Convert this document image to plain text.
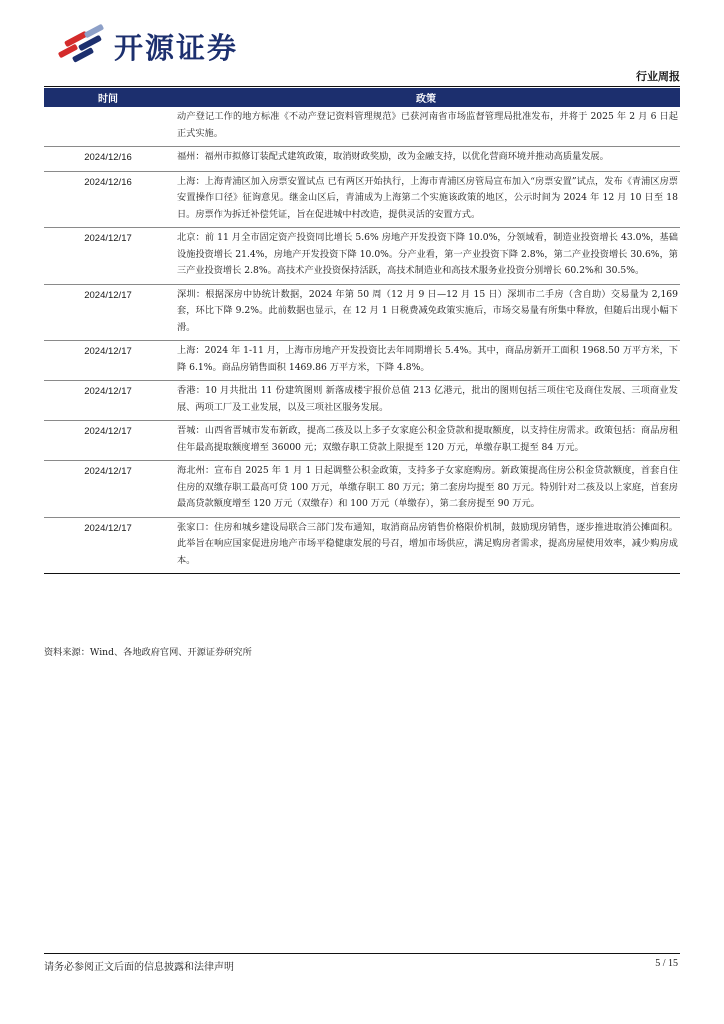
开源证券
行业周报
时间	政策
	动产登记工作的地方标准《不动产登记资料管理规范》已获河南省市场监督管理局批准发布，并将于 2025 年 2 月 6 日起正式实施。
2024/12/16	福州：福州市拟修订装配式建筑政策，取消财政奖励，改为金融支持，以优化营商环境并推动高质量发展。
2024/12/16	上海：上海青浦区加入房票安置试点 已有两区开始执行，上海市青浦区房管局宣布加入“房票安置”试点，发布《青浦区房票安置操作口径》征询意见。继金山区后，青浦成为上海第二个实施该政策的地区，公示时间为 2024 年 12 月 10 日至 18 日。房票作为拆迁补偿凭证，旨在促进城中村改造，提供灵活的安置方式。
2024/12/17	北京：前 11 月全市固定资产投资同比增长 5.6% 房地产开发投资下降 10.0%，分领域看，制造业投资增长 43.0%，基础设施投资增长 21.4%，房地产开发投资下降 10.0%。分产业看，第一产业投资下降 2.8%，第二产业投资增长 30.6%，第三产业投资增长 2.8%。高技术产业投资保持活跃，高技术制造业和高技术服务业投资分别增长 60.2%和 30.5%。
2024/12/17	深圳：根据深房中协统计数据，2024 年第 50 周（12 月 9 日—12 月 15 日）深圳市二手房（含自助）交易量为 2,169 套，环比下降 9.2%。此前数据也显示，在 12 月 1 日税费减免政策实施后，市场交易量有所集中释放，但随后出现小幅下滑。
2024/12/17	上海：2024 年 1-11 月，上海市房地产开发投资比去年同期增长 5.4%。其中，商品房新开工面积 1968.50 万平方米，下降 6.1%。商品房销售面积 1469.86 万平方米，下降 4.8%。
2024/12/17	香港：10 月共批出 11 份建筑图则 新落成楼宇报价总值 213 亿港元，批出的图则包括三项住宅及商住发展、三项商业发展、两项工厂及工业发展，以及三项社区服务发展。
2024/12/17	晋城：山西省晋城市发布新政，提高二孩及以上多子女家庭公积金贷款和提取额度，以支持住房需求。政策包括：商品房租住年最高提取额度增至 36000 元；双缴存职工贷款上限提至 120 万元，单缴存职工提至 84 万元。
2024/12/17	海北州：宣布自 2025 年 1 月 1 日起调整公积金政策，支持多子女家庭购房。新政策提高住房公积金贷款额度，首套自住住房的双缴存职工最高可贷 100 万元，单缴存职工 80 万元；第二套房均提至 80 万元。特别针对二孩及以上家庭，首套房最高贷款额度增至 120 万元（双缴存）和 100 万元（单缴存），第二套房提至 90 万元。
2024/12/17	张家口：住房和城乡建设局联合三部门发布通知，取消商品房销售价格限价机制，鼓励现房销售，逐步推进取消公摊面积。此举旨在响应国家促进房地产市场平稳健康发展的号召，增加市场供应，满足购房者需求，提高房屋使用效率，减少购房成本。
资料来源：Wind、各地政府官网、开源证券研究所
请务必参阅正文后面的信息披露和法律声明	5 / 15
